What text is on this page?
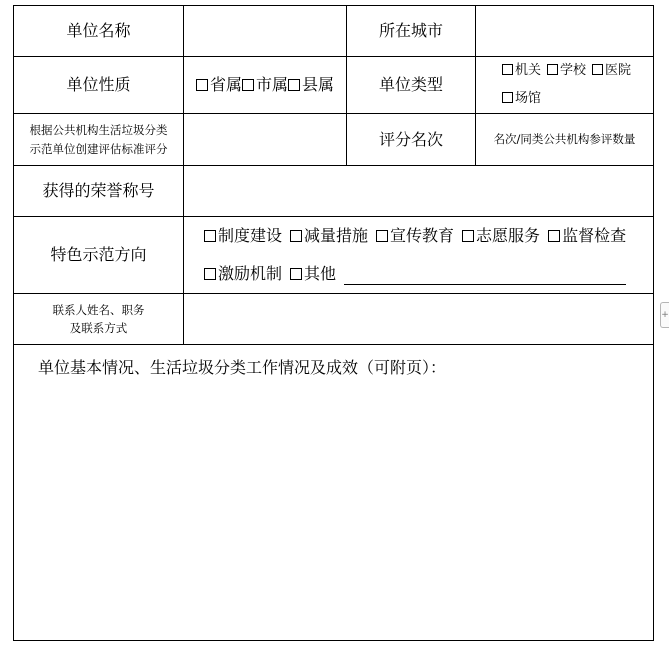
单位名称		所在城市	
单位性质	省属 市属 县属	单位类型	机关 学校 医院
场馆
根据公共机构生活垃圾分类
示范单位创建评估标准评分		评分名次	名次/同类公共机构参评数量
获得的荣誉称号			
特色示范方向	制度建设 减量措施 宣传教育 志愿服务 监督检查
激励机制 其他		
联系人姓名、职务
及联系方式			

单位基本情况、生活垃圾分类工作情况及成效（可附页）：			
+
